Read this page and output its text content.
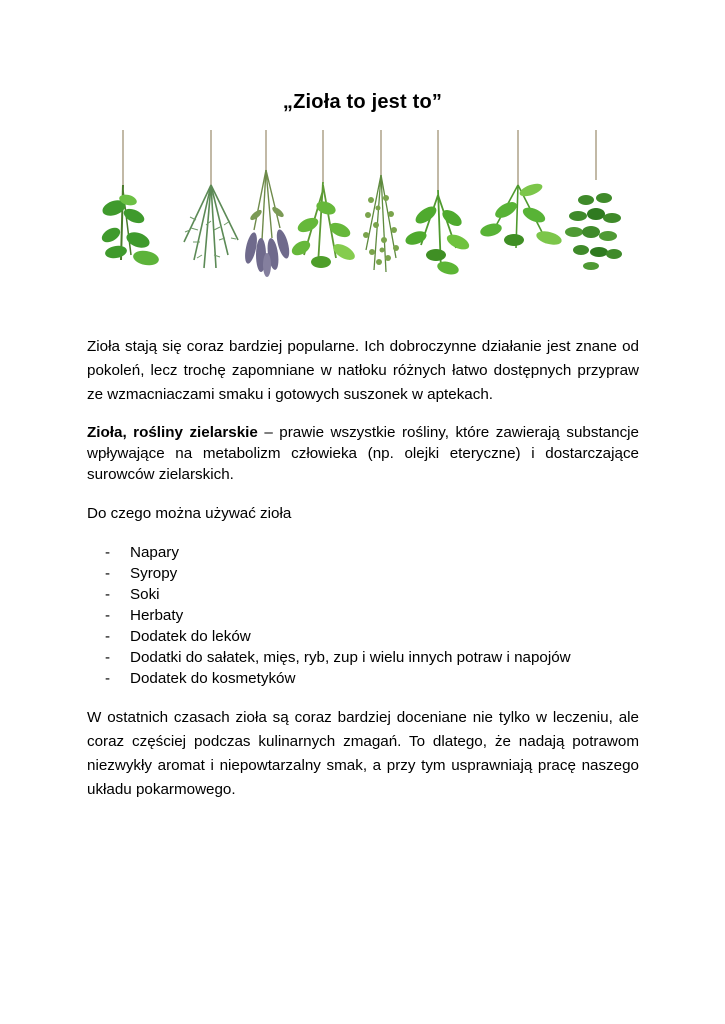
„Zioła to jest to”

Zioła stają się coraz bardziej popularne. Ich dobroczynne działanie jest znane od pokoleń, lecz trochę zapomniane w natłoku różnych łatwo dostępnych przypraw ze wzmacniaczami smaku i gotowych suszonek w aptekach.

Zioła, rośliny zielarskie – prawie wszystkie rośliny, które zawierają substancje wpływające na metabolizm człowieka (np. olejki eteryczne) i dostarczające surowców zielarskich.

Do czego można używać zioła

- Napary
- Syropy
- Soki
- Herbaty
- Dodatek do leków
- Dodatki do sałatek, mięs, ryb, zup i wielu innych potraw i napojów
- Dodatek do kosmetyków

W ostatnich czasach zioła są coraz bardziej doceniane nie tylko w leczeniu, ale coraz częściej podczas kulinarnych zmagań. To dlatego, że nadają potrawom niezwykły aromat i niepowtarzalny smak, a przy tym usprawniają pracę naszego układu pokarmowego.
